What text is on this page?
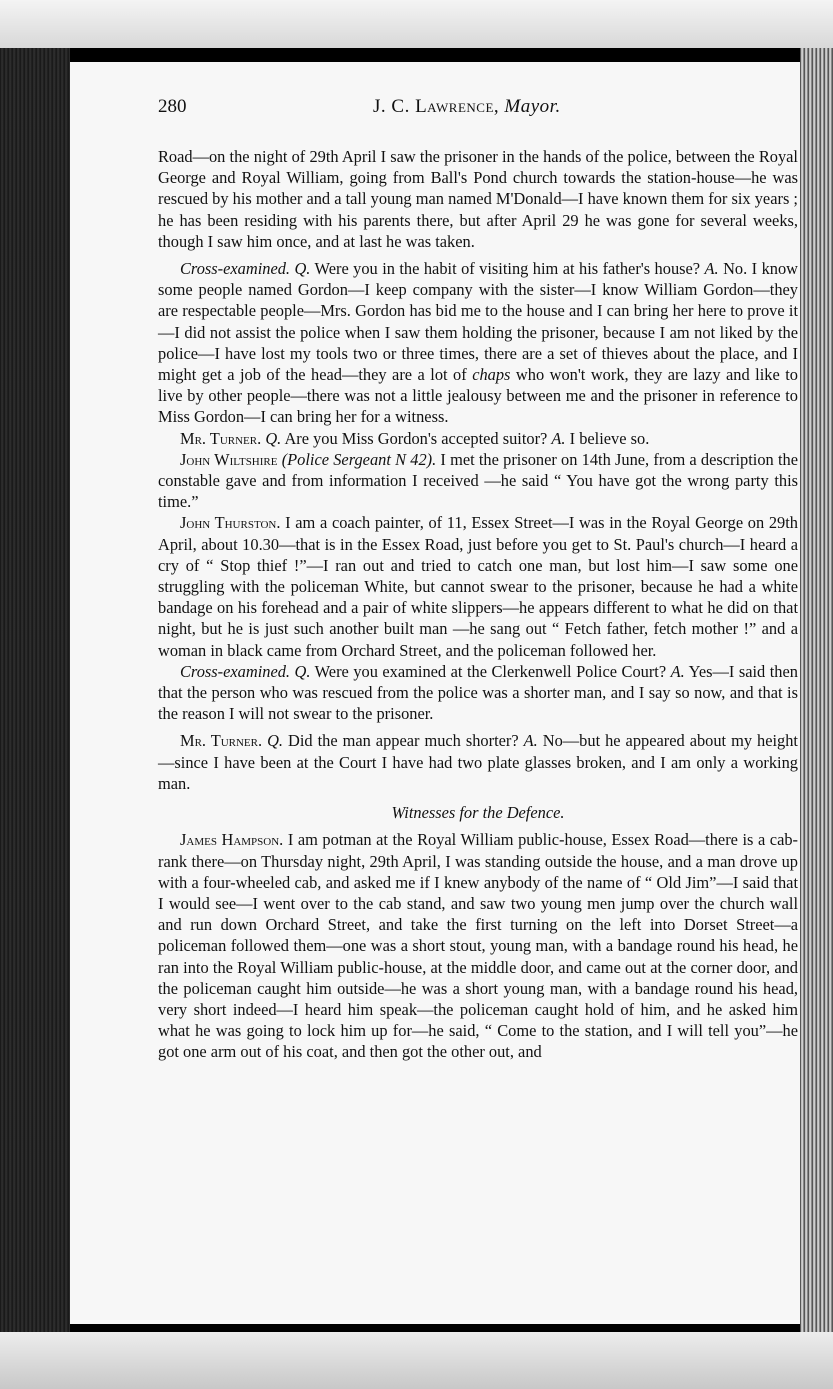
280	J. C. Lawrence, Mayor.

Road—on the night of 29th April I saw the prisoner in the hands of the police, between the Royal George and Royal William, going from Ball's Pond church towards the station-house—he was rescued by his mother and a tall young man named M'Donald—I have known them for six years ; he has been residing with his parents there, but after April 29 he was gone for several weeks, though I saw him once, and at last he was taken.

Cross-examined. Q. Were you in the habit of visiting him at his father's house? A. No. I know some people named Gordon—I keep company with the sister—I know William Gordon—they are respectable people—Mrs. Gordon has bid me to the house and I can bring her here to prove it—I did not assist the police when I saw them holding the prisoner, because I am not liked by the police—I have lost my tools two or three times, there are a set of thieves about the place, and I might get a job of the head—they are a lot of chaps who won't work, they are lazy and like to live by other people—there was not a little jealousy between me and the prisoner in reference to Miss Gordon—I can bring her for a witness.

Mr. Turner. Q. Are you Miss Gordon's accepted suitor? A. I believe so.

John Wiltshire (Police Sergeant N 42). I met the prisoner on 14th June, from a description the constable gave and from information I received —he said “ You have got the wrong party this time.”

John Thurston. I am a coach painter, of 11, Essex Street—I was in the Royal George on 29th April, about 10.30—that is in the Essex Road, just before you get to St. Paul's church—I heard a cry of “ Stop thief !”—I ran out and tried to catch one man, but lost him—I saw some one struggling with the policeman White, but cannot swear to the prisoner, because he had a white bandage on his forehead and a pair of white slippers—he appears different to what he did on that night, but he is just such another built man —he sang out “ Fetch father, fetch mother !” and a woman in black came from Orchard Street, and the policeman followed her.

Cross-examined. Q. Were you examined at the Clerkenwell Police Court? A. Yes—I said then that the person who was rescued from the police was a shorter man, and I say so now, and that is the reason I will not swear to the prisoner.

Mr. Turner. Q. Did the man appear much shorter? A. No—but he appeared about my height—since I have been at the Court I have had two plate glasses broken, and I am only a working man.

Witnesses for the Defence.

James Hampson. I am potman at the Royal William public-house, Essex Road—there is a cab-rank there—on Thursday night, 29th April, I was standing outside the house, and a man drove up with a four-wheeled cab, and asked me if I knew anybody of the name of “ Old Jim”—I said that I would see—I went over to the cab stand, and saw two young men jump over the church wall and run down Orchard Street, and take the first turning on the left into Dorset Street—a policeman followed them—one was a short stout, young man, with a bandage round his head, he ran into the Royal William public-house, at the middle door, and came out at the corner door, and the policeman caught him outside—he was a short young man, with a bandage round his head, very short indeed—I heard him speak—the policeman caught hold of him, and he asked him what he was going to lock him up for—he said, “ Come to the station, and I will tell you”—he got one arm out of his coat, and then got the other out, and
